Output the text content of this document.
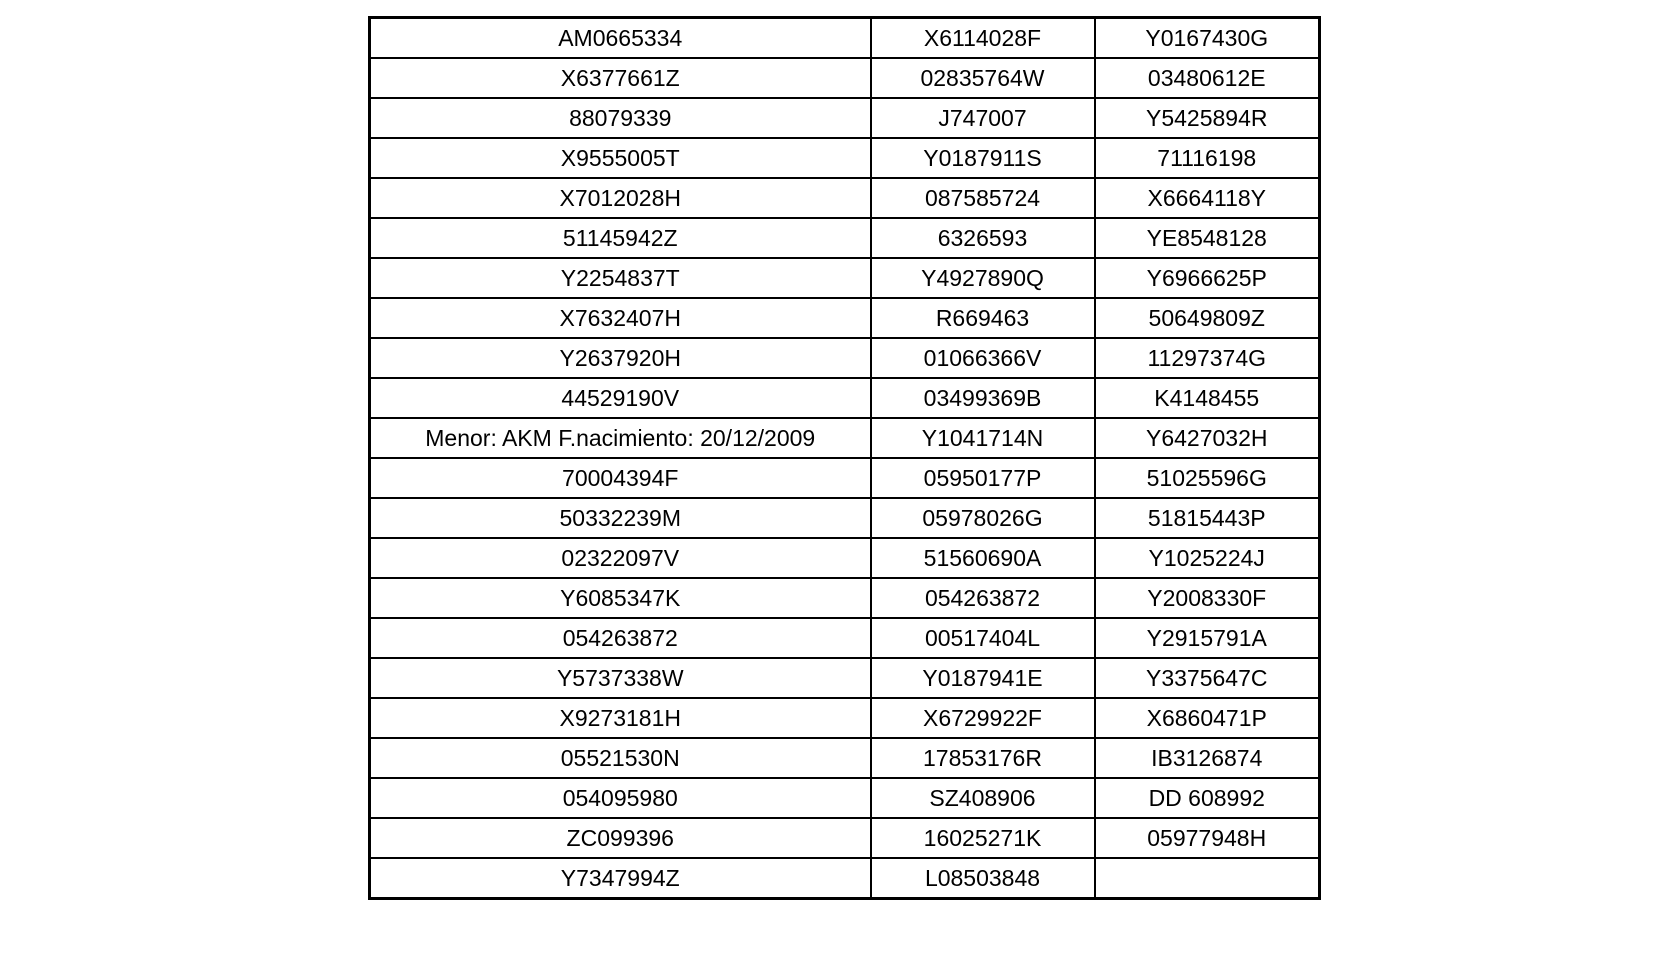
AM0665334	X6114028F	Y0167430G
X6377661Z	02835764W	03480612E
88079339	J747007	Y5425894R
X9555005T	Y0187911S	71116198
X7012028H	087585724	X6664118Y
51145942Z	6326593	YE8548128
Y2254837T	Y4927890Q	Y6966625P
X7632407H	R669463	50649809Z
Y2637920H	01066366V	11297374G
44529190V	03499369B	K4148455
Menor: AKM F.nacimiento: 20/12/2009	Y1041714N	Y6427032H
70004394F	05950177P	51025596G
50332239M	05978026G	51815443P
02322097V	51560690A	Y1025224J
Y6085347K	054263872	Y2008330F
054263872	00517404L	Y2915791A
Y5737338W	Y0187941E	Y3375647C
X9273181H	X6729922F	X6860471P
05521530N	17853176R	IB3126874
054095980	SZ408906	DD 608992
ZC099396	16025271K	05977948H
Y7347994Z	L08503848	
